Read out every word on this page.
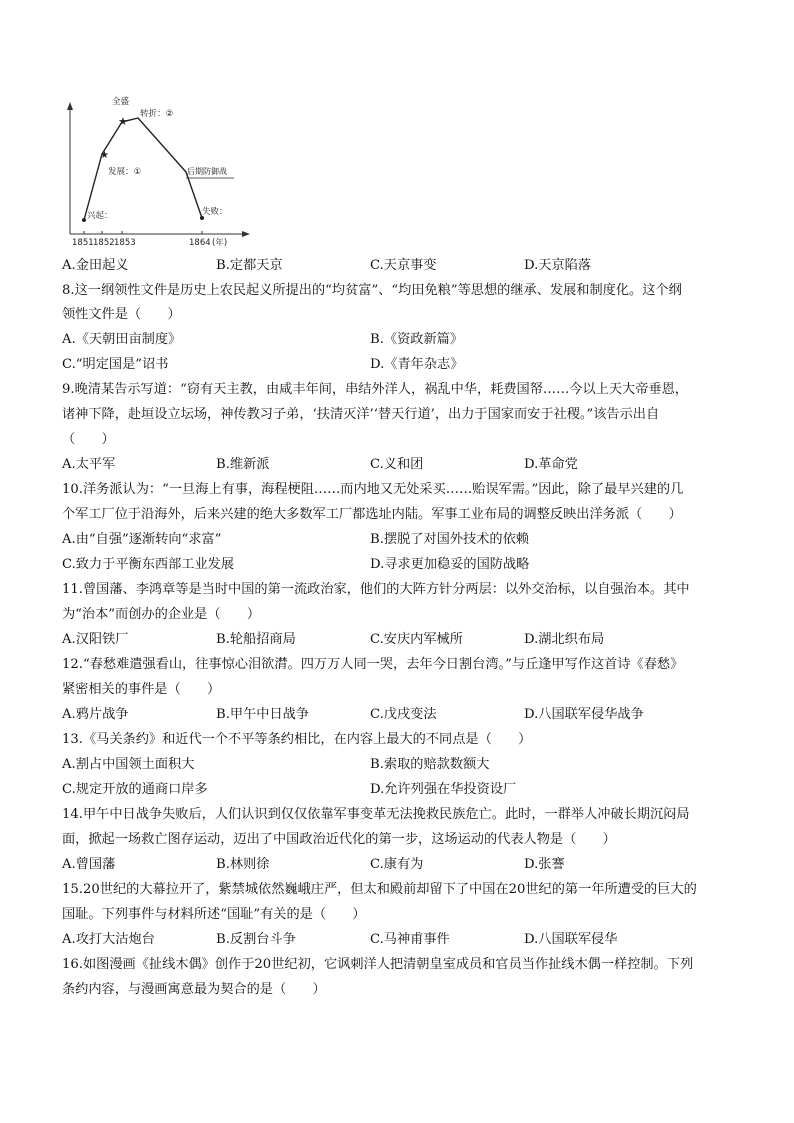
★
★
全盛
转折：②
发展：①	后期防御战
兴起：	失败：
1851 1852 1853	1864 (年)
A.金田起义	B.定都天京	C.天京事变	D.天京陷落
8.这一纲领性文件是历史上农民起义所提出的“均贫富”、“均田免粮”等思想的继承、发展和制度化。这个纲
领性文件是（　　）
A.《天朝田亩制度》	B.《资政新篇》
C.“明定国是”诏书	D.《青年杂志》
9.晚清某告示写道：“窃有天主教，由咸丰年间，串结外洋人，祸乱中华，耗费国帑……今以上天大帝垂恩，
诸神下降，赴垣设立坛场，神传教习子弟，‘扶清灭洋’‘替天行道’，出力于国家而安于社稷。”该告示出自
（　　）
A.太平军	B.维新派	C.义和团	D.革命党
10.洋务派认为：“一旦海上有事，海程梗阻……而内地又无处采买……贻误军需。”因此，除了最早兴建的几
个军工厂位于沿海外，后来兴建的绝大多数军工厂都选址内陆。军事工业布局的调整反映出洋务派（　　）
A.由“自强”逐渐转向“求富”	B.摆脱了对国外技术的依赖
C.致力于平衡东西部工业发展	D.寻求更加稳妥的国防战略
11.曾国藩、李鸿章等是当时中国的第一流政治家，他们的大阵方针分两层：以外交治标，以自强治本。其中
为“治本”而创办的企业是（　　）
A.汉阳铁厂	B.轮船招商局	C.安庆内军械所	D.湖北织布局
12.“春愁难遣强看山，往事惊心泪欲潸。四万万人同一哭，去年今日割台湾。”与丘逢甲写作这首诗《春愁》
紧密相关的事件是（　　）
A.鸦片战争	B.甲午中日战争	C.戊戌变法	D.八国联军侵华战争
13.《马关条约》和近代一个不平等条约相比，在内容上最大的不同点是（　　）
A.割占中国领土面积大	B.索取的赔款数额大
C.规定开放的通商口岸多	D.允许列强在华投资设厂
14.甲午中日战争失败后，人们认识到仅仅依靠军事变革无法挽救民族危亡。此时，一群举人冲破长期沉闷局
面，掀起一场救亡图存运动，迈出了中国政治近代化的第一步，这场运动的代表人物是（　　）
A.曾国藩	B.林则徐	C.康有为	D.张謇
15.20世纪的大幕拉开了，紫禁城依然巍峨庄严，但太和殿前却留下了中国在20世纪的第一年所遭受的巨大的
国耻。下列事件与材料所述“国耻”有关的是（　　）
A.攻打大沽炮台	B.反割台斗争	C.马神甫事件	D.八国联军侵华
16.如图漫画《扯线木偶》创作于20世纪初，它讽刺洋人把清朝皇室成员和官员当作扯线木偶一样控制。下列
条约内容，与漫画寓意最为契合的是（　　）
